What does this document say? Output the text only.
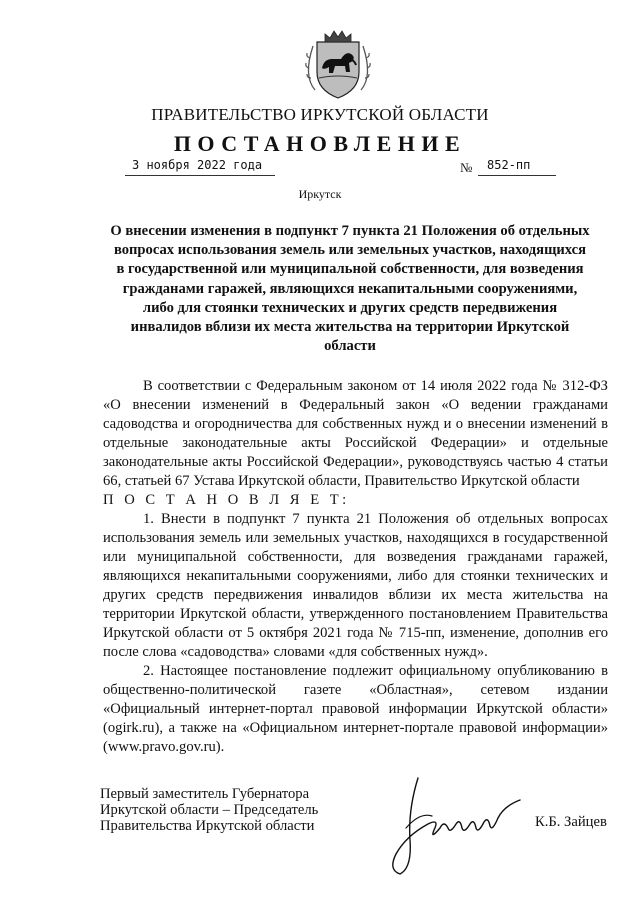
ПРАВИТЕЛЬСТВО ИРКУТСКОЙ ОБЛАСТИ
ПОСТАНОВЛЕНИЕ
3 ноября 2022 года	№ 852-пп
Иркутск
О внесении изменения в подпункт 7 пункта 21 Положения об отдельных вопросах использования земель или земельных участков, находящихся в государственной или муниципальной собственности, для возведения гражданами гаражей, являющихся некапитальными сооружениями, либо для стоянки технических и других средств передвижения инвалидов вблизи их места жительства на территории Иркутской области

В соответствии с Федеральным законом от 14 июля 2022 года № 312-ФЗ «О внесении изменений в Федеральный закон «О ведении гражданами садоводства и огородничества для собственных нужд и о внесении изменений в отдельные законодательные акты Российской Федерации» и отдельные законодательные акты Российской Федерации», руководствуясь частью 4 статьи 66, статьей 67 Устава Иркутской области, Правительство Иркутской области

П О С Т А Н О В Л Я Е Т:

1. Внести в подпункт 7 пункта 21 Положения об отдельных вопросах использования земель или земельных участков, находящихся в государственной или муниципальной собственности, для возведения гражданами гаражей, являющихся некапитальными сооружениями, либо для стоянки технических и других средств передвижения инвалидов вблизи их места жительства на территории Иркутской области, утвержденного постановлением Правительства Иркутской области от 5 октября 2021 года № 715-пп, изменение, дополнив его после слова «садоводства» словами «для собственных нужд».

2. Настоящее постановление подлежит официальному опубликованию в общественно-политической газете «Областная», сетевом издании «Официальный интернет-портал правовой информации Иркутской области» (ogirk.ru), а также на «Официальном интернет-портале правовой информации» (www.pravo.gov.ru).

Первый заместитель Губернатора
Иркутской области – Председатель
Правительства Иркутской области	К.Б. Зайцев
